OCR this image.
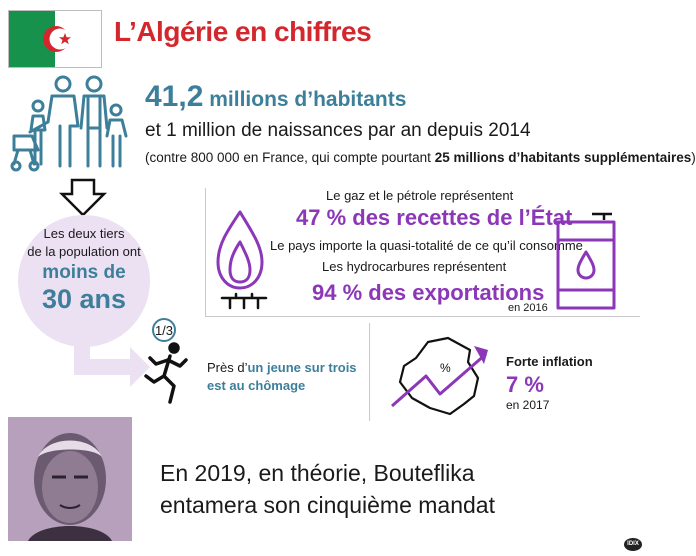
L’Algérie en chiffres
41,2 millions d’habitants
et 1 million de naissances par an depuis 2014
(contre 800 000 en France, qui compte pourtant 25 millions d’habitants supplémentaires)
Les deux tiers
de la population ont
moins de
30 ans
Le gaz et le pétrole représentent
47 % des recettes de l’État
Le pays importe la quasi-totalité de ce qu’il consomme
Les hydrocarbures représentent
94 % des exportations
en 2016
1/3
Près d’un jeune sur trois
est au chômage
%	Forte inflation
7 %
en 2017
En 2019, en théorie, Bouteflika
entamera son cinquième mandat
IDIX
